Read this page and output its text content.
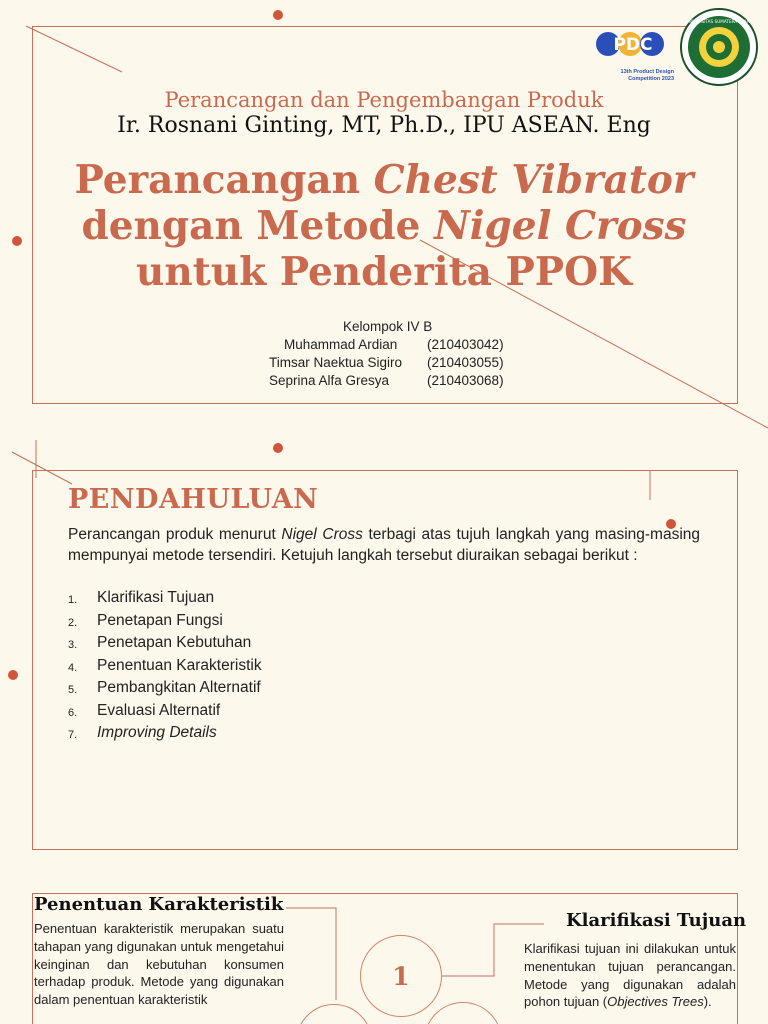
PDC
13th Product Design
Competition 2023
UNIVERSITAS SUMATERA UTARA
Perancangan dan Pengembangan Produk
Ir. Rosnani Ginting, MT, Ph.D., IPU ASEAN. Eng
Perancangan Chest Vibrator
dengan Metode Nigel Cross
untuk Penderita PPOK
Kelompok IV B
Muhammad Ardian (210403042)
Timsar Naektua Sigiro (210403055)
Seprina Alfa Gresya	(210403068)
PENDAHULUAN
Perancangan produk menurut Nigel Cross terbagi atas tujuh langkah yang masing-masing mempunyai metode tersendiri. Ketujuh langkah tersebut diuraikan sebagai berikut :
1.	Klarifikasi Tujuan
2.	Penetapan Fungsi
3.	Penetapan Kebutuhan
4.	Penentuan Karakteristik
5.	Pembangkitan Alternatif
6.	Evaluasi Alternatif
7.	Improving Details
Penentuan Karakteristik
Penentuan karakteristik merupakan suatu tahapan yang digunakan untuk mengetahui keinginan dan kebutuhan konsumen terhadap produk. Metode yang digunakan dalam penentuan karakteristik
1
Klarifikasi Tujuan
Klarifikasi tujuan ini dilakukan untuk menentukan tujuan perancangan. Metode yang digunakan adalah pohon tujuan (Objectives Trees).
